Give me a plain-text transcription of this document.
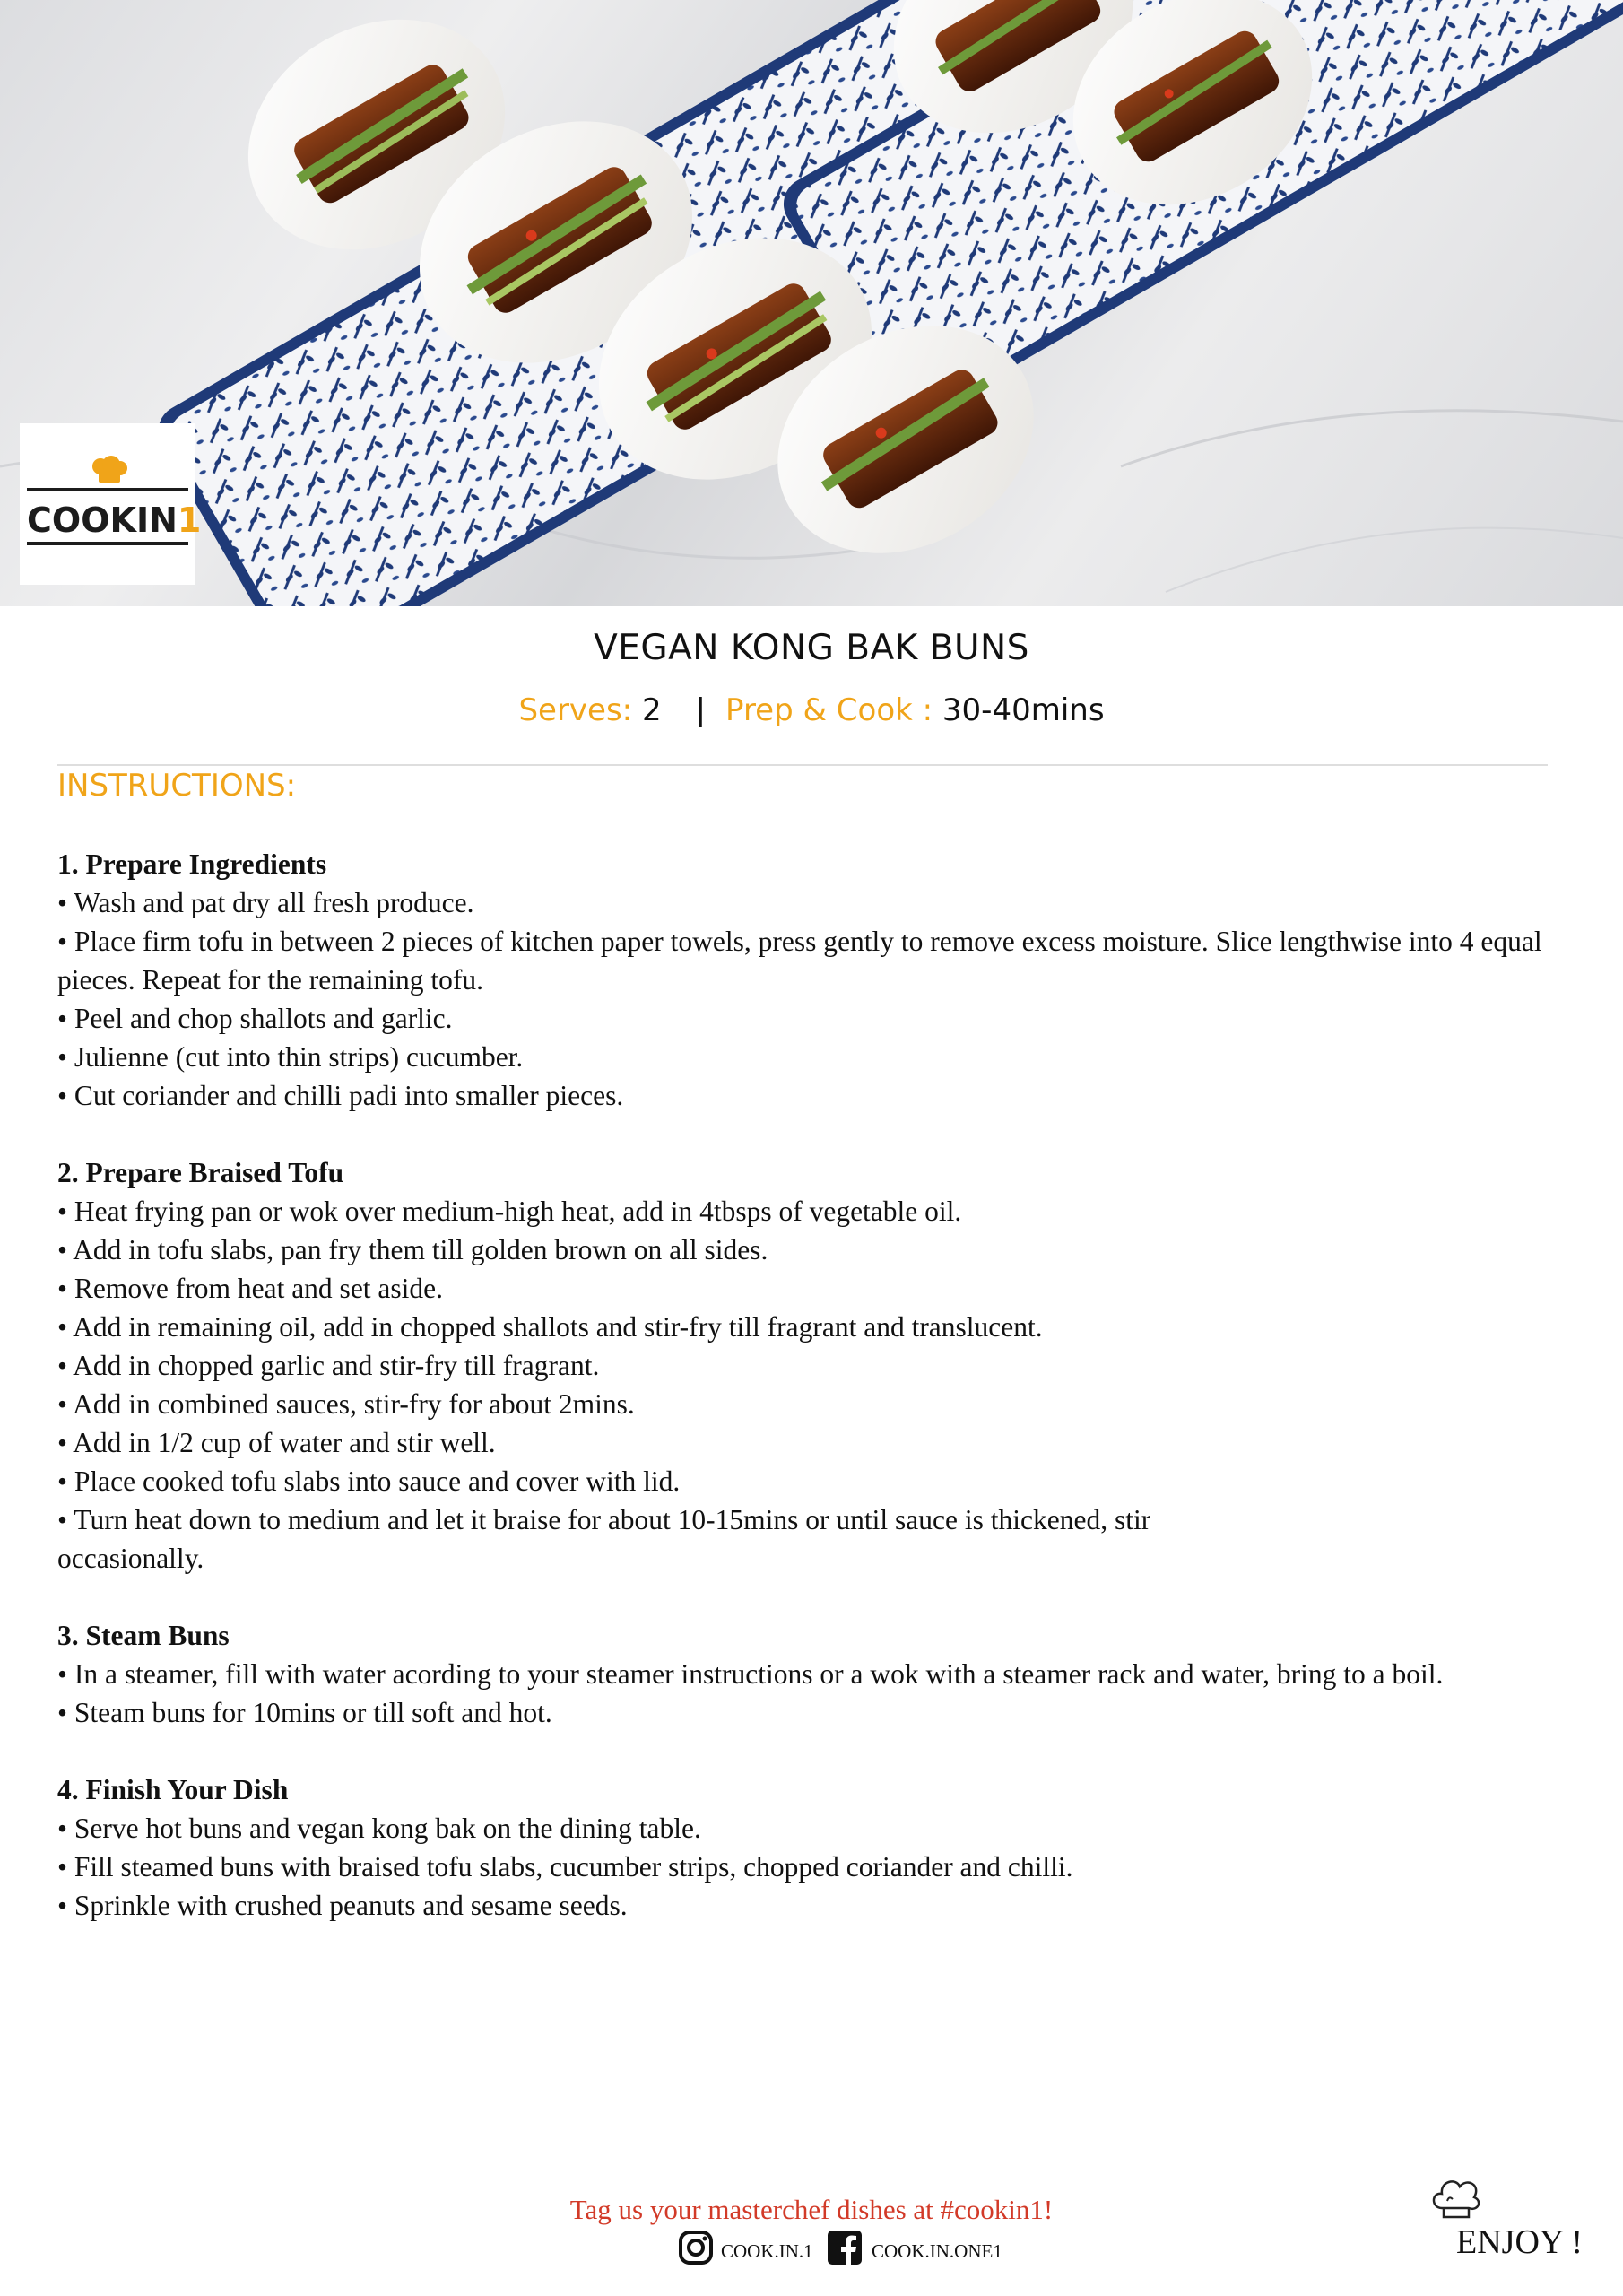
COOKIN1
VEGAN KONG BAK BUNS
Serves: 2 | Prep & Cook : 30-40mins
INSTRUCTIONS:
1. Prepare Ingredients
• Wash and pat dry all fresh produce.
• Place firm tofu in between 2 pieces of kitchen paper towels, press gently to remove excess moisture. Slice lengthwise into 4 equal pieces. Repeat for the remaining tofu.
• Peel and chop shallots and garlic.
• Julienne (cut into thin strips) cucumber.
• Cut coriander and chilli padi into smaller pieces.
2. Prepare Braised Tofu
• Heat frying pan or wok over medium-high heat, add in 4tbsps of vegetable oil.
• Add in tofu slabs, pan fry them till golden brown on all sides.
• Remove from heat and set aside.
• Add in remaining oil, add in chopped shallots and stir-fry till fragrant and translucent.
• Add in chopped garlic and stir-fry till fragrant.
• Add in combined sauces, stir-fry for about 2mins.
• Add in 1/2 cup of water and stir well.
• Place cooked tofu slabs into sauce and cover with lid.
• Turn heat down to medium and let it braise for about 10-15mins or until sauce is thickened, stir occasionally.
3. Steam Buns
• In a steamer, fill with water acording to your steamer instructions or a wok with a steamer rack and water, bring to a boil.
• Steam buns for 10mins or till soft and hot.
4. Finish Your Dish
• Serve hot buns and vegan kong bak on the dining table.
• Fill steamed buns with braised tofu slabs, cucumber strips, chopped coriander and chilli.
• Sprinkle with crushed peanuts and sesame seeds.
Tag us your masterchef dishes at #cookin1!
COOK.IN.1	COOK.IN.ONE1	ENJOY !
